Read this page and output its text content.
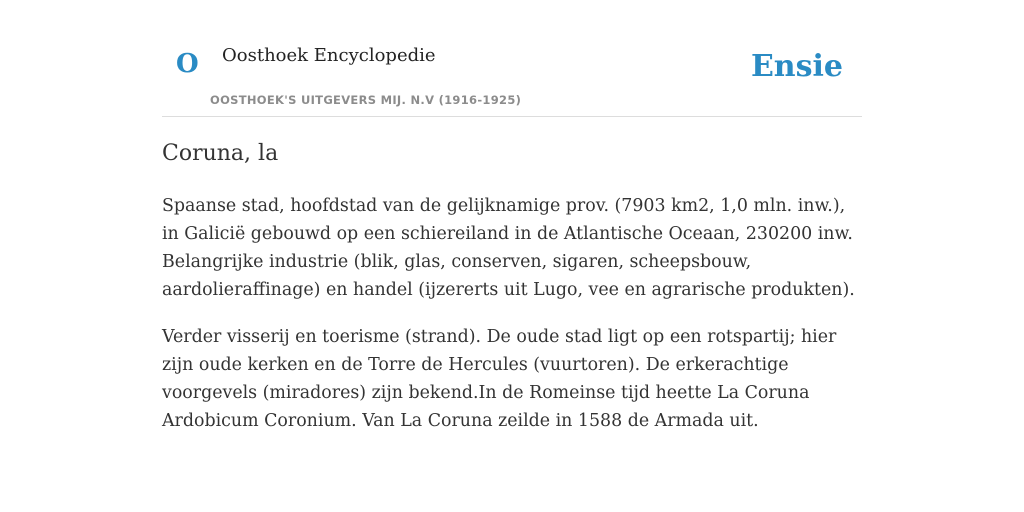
O Oosthoek Encyclopedie
OOSTHOEK'S UITGEVERS MIJ. N.V (1916-1925)
Ensie
Coruna, la

Spaanse stad, hoofdstad van de gelijknamige prov. (7903 km2, 1,0 mln. inw.), in Galicië gebouwd op een schiereiland in de Atlantische Oceaan, 230200 inw. Belangrijke industrie (blik, glas, conserven, sigaren, scheepsbouw, aardolieraffinage) en handel (ijzererts uit Lugo, vee en agrarische produkten).

Verder visserij en toerisme (strand). De oude stad ligt op een rotspartij; hier zijn oude kerken en de Torre de Hercules (vuurtoren). De erkerachtige voorgevels (miradores) zijn bekend.In de Romeinse tijd heette La Coruna Ardobicum Coronium. Van La Coruna zeilde in 1588 de Armada uit.
